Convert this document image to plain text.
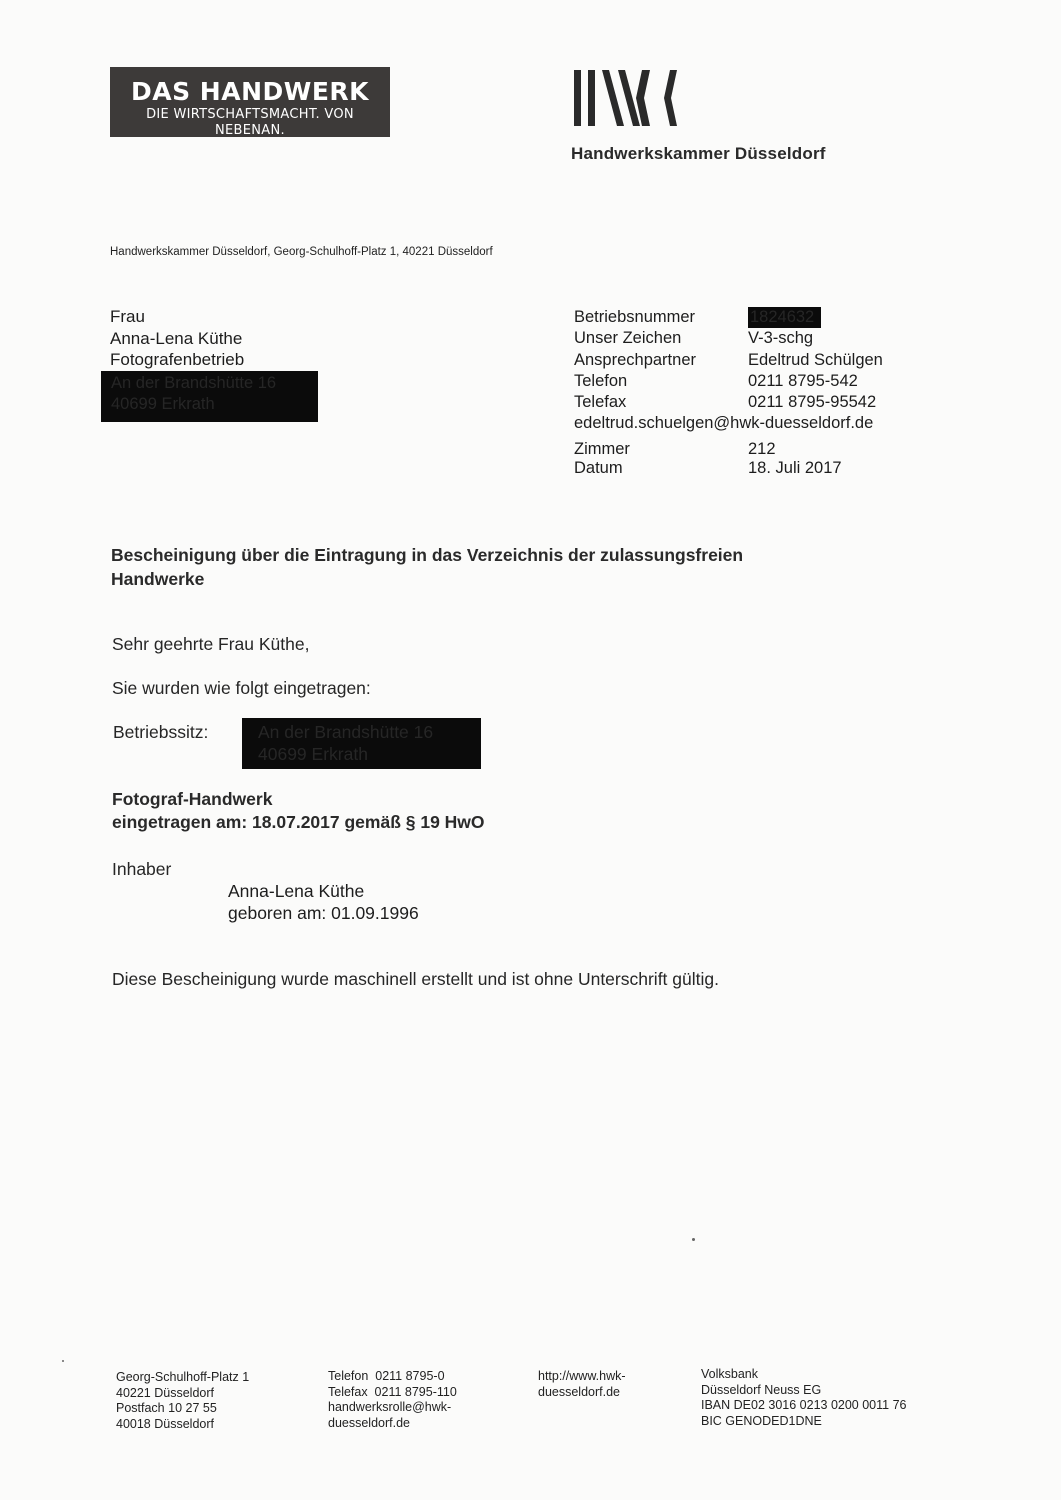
DAS HANDWERK
DIE WIRTSCHAFTSMACHT. VON NEBENAN.
Handwerkskammer Düsseldorf
Handwerkskammer Düsseldorf, Georg-Schulhoff-Platz 1, 40221 Düsseldorf
Frau
Anna-Lena Küthe
Fotografenbetrieb
An der Brandshütte 16
40699 Erkrath
Betriebsnummer	1824632
Unser Zeichen	V-3-schg
Ansprechpartner	Edeltrud Schülgen
Telefon	0211 8795-542
Telefax	0211 8795-95542
edeltrud.schuelgen@hwk-duesseldorf.de
Zimmer	212
Datum	18. Juli 2017
Bescheinigung über die Eintragung in das Verzeichnis der zulassungsfreien
Handwerke
Sehr geehrte Frau Küthe,
Sie wurden wie folgt eingetragen:
Betriebssitz:	An der Brandshütte 16
40699 Erkrath
Fotograf-Handwerk
eingetragen am: 18.07.2017 gemäß § 19 HwO
Inhaber
Anna-Lena Küthe
geboren am: 01.09.1996
Diese Bescheinigung wurde maschinell erstellt und ist ohne Unterschrift gültig.
Georg-Schulhoff-Platz 1
40221 Düsseldorf
Postfach 10 27 55
40018 Düsseldorf
Telefon  0211 8795-0
Telefax  0211 8795-110
handwerksrolle@hwk-
duesseldorf.de
http://www.hwk-
duesseldorf.de
Volksbank
Düsseldorf Neuss EG
IBAN DE02 3016 0213 0200 0011 76
BIC GENODED1DNE
